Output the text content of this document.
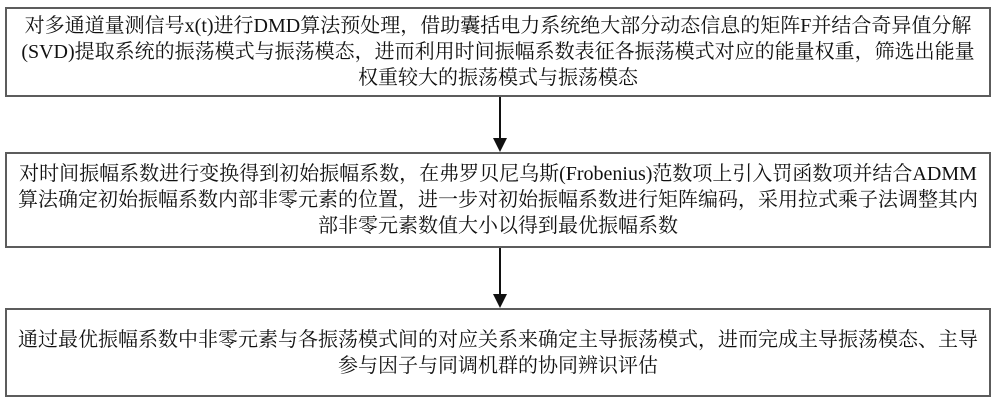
对多通道量测信号x(t)进行DMD算法预处理，借助囊括电力系统绝大部分动态信息的矩阵F并结合奇异值分解
(SVD)提取系统的振荡模式与振荡模态，进而利用时间振幅系数表征各振荡模式对应的能量权重，筛选出能量
权重较大的振荡模式与振荡模态
对时间振幅系数进行变换得到初始振幅系数，在弗罗贝尼乌斯(Frobenius)范数项上引入罚函数项并结合ADMM
算法确定初始振幅系数内部非零元素的位置，进一步对初始振幅系数进行矩阵编码，采用拉式乘子法调整其内
部非零元素数值大小以得到最优振幅系数
通过最优振幅系数中非零元素与各振荡模式间的对应关系来确定主导振荡模式，进而完成主导振荡模态、主导
参与因子与同调机群的协同辨识评估
